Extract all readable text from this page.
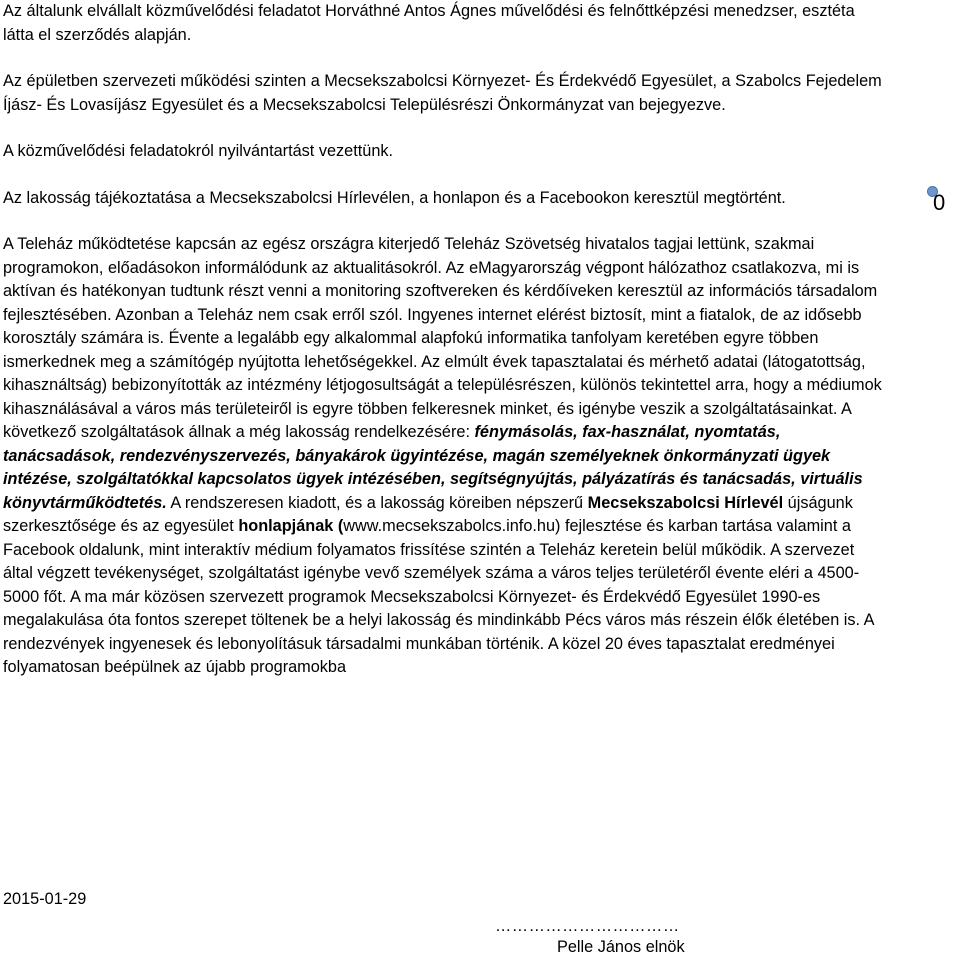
Az általunk elvállalt közművelődési feladatot Horváthné Antos Ágnes művelődési és felnőttképzési menedzser, esztéta látta el szerződés alapján.

Az épületben szervezeti működési szinten a Mecsekszabolcsi Környezet- És Érdekvédő Egyesület, a Szabolcs Fejedelem Íjász- És Lovasíjász Egyesület és a Mecsekszabolcsi Településrészi Önkormányzat van bejegyezve.

A közművelődési feladatokról nyilvántartást vezettünk.

Az lakosság tájékoztatása a Mecsekszabolcsi Hírlevélen, a honlapon és a Facebookon keresztül megtörtént.

A Teleház működtetése kapcsán az egész országra kiterjedő Teleház Szövetség hivatalos tagjai lettünk, szakmai programokon, előadásokon informálódunk az aktualitásokról. Az eMagyarország végpont hálózathoz csatlakozva, mi is aktívan és hatékonyan tudtunk részt venni a monitoring szoftvereken és kérdőíveken keresztül az információs társadalom fejlesztésében. Azonban a Teleház nem csak erről szól. Ingyenes internet elérést biztosít, mint a fiatalok, de az idősebb korosztály számára is. Évente a legalább egy alkalommal alapfokú informatika tanfolyam keretében egyre többen ismerkednek meg a számítógép nyújtotta lehetőségekkel. Az elmúlt évek tapasztalatai és mérhető adatai (látogatottság, kihasználtság) bebizonyították az intézmény létjogosultságát a településrészen, különös tekintettel arra, hogy a médiumok kihasználásával a város más területeiről is egyre többen felkeresnek minket, és igénybe veszik a szolgáltatásainkat. A következő szolgáltatások állnak a még lakosság rendelkezésére: fénymásolás, fax-használat, nyomtatás, tanácsadások, rendezvényszervezés, bányakárok ügyintézése, magán személyeknek önkormányzati ügyek intézése, szolgáltatókkal kapcsolatos ügyek intézésében, segítségnyújtás, pályázatírás és tanácsadás, virtuális könyvtárműködtetés. A rendszeresen kiadott, és a lakosság köreiben népszerű Mecsekszabolcsi Hírlevél újságunk szerkesztősége és az egyesület honlapjának (www.mecsekszabolcs.info.hu) fejlesztése és karban tartása valamint a Facebook oldalunk, mint interaktív médium folyamatos frissítése szintén a Teleház keretein belül működik. A szervezet által végzett tevékenységet, szolgáltatást igénybe vevő személyek száma a város teljes területéről évente eléri a 4500-5000 főt. A ma már közösen szervezett programok Mecsekszabolcsi Környezet- és Érdekvédő Egyesület 1990-es megalakulása óta fontos szerepet töltenek be a helyi lakosság és mindinkább Pécs város más részein élők életében is. A rendezvények ingyenesek és lebonyolításuk társadalmi munkában történik. A közel 20 éves tapasztalat eredményei folyamatosan beépülnek az újabb programokba

0
2015-01-29
……………………………
Pelle János elnök
